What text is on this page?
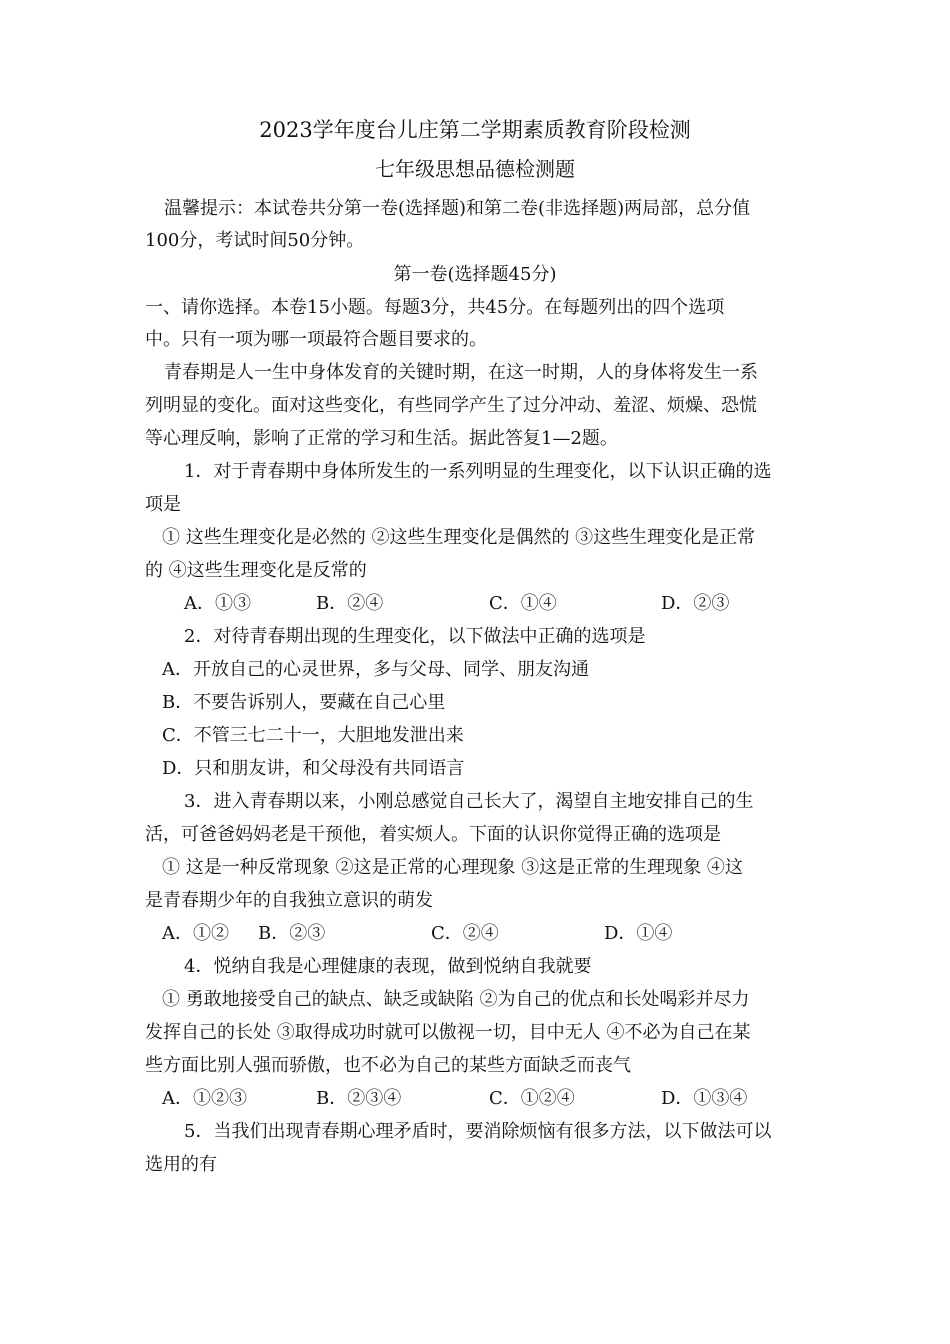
2023学年度台儿庄第二学期素质教育阶段检测
七年级思想品德检测题
温馨提示：本试卷共分第一卷(选择题)和第二卷(非选择题)两局部，总分值
100分，考试时间50分钟。
第一卷(选择题45分)
一、请你选择。本卷15小题。每题3分，共45分。在每题列出的四个选项
中。只有一项为哪一项最符合题目要求的。
青春期是人一生中身体发育的关键时期，在这一时期，人的身体将发生一系
列明显的变化。面对这些变化，有些同学产生了过分冲动、羞涩、烦燥、恐慌
等心理反响，影响了正常的学习和生活。据此答复1—2题。
1．对于青春期中身体所发生的一系列明显的生理变化，以下认识正确的选
项是
① 这些生理变化是必然的 ②这些生理变化是偶然的 ③这些生理变化是正常
的 ④这些生理变化是反常的
A．①③	B．②④	C．①④	D．②③
2．对待青春期出现的生理变化，以下做法中正确的选项是
A．开放自己的心灵世界，多与父母、同学、朋友沟通
B．不要告诉别人，要藏在自己心里
C．不管三七二十一，大胆地发泄出来
D．只和朋友讲，和父母没有共同语言
3．进入青春期以来，小刚总感觉自己长大了，渴望自主地安排自己的生
活，可爸爸妈妈老是干预他，着实烦人。下面的认识你觉得正确的选项是
① 这是一种反常现象 ②这是正常的心理现象 ③这是正常的生理现象 ④这
是青春期少年的自我独立意识的萌发
A．①② B．②③	C．②④	D．①④
4．悦纳自我是心理健康的表现，做到悦纳自我就要
① 勇敢地接受自己的缺点、缺乏或缺陷 ②为自己的优点和长处喝彩并尽力
发挥自己的长处 ③取得成功时就可以傲视一切，目中无人 ④不必为自己在某
些方面比别人强而骄傲，也不必为自己的某些方面缺乏而丧气
A．①②③	B．②③④	C．①②④	D．①③④
5．当我们出现青春期心理矛盾时，要消除烦恼有很多方法，以下做法可以
选用的有
